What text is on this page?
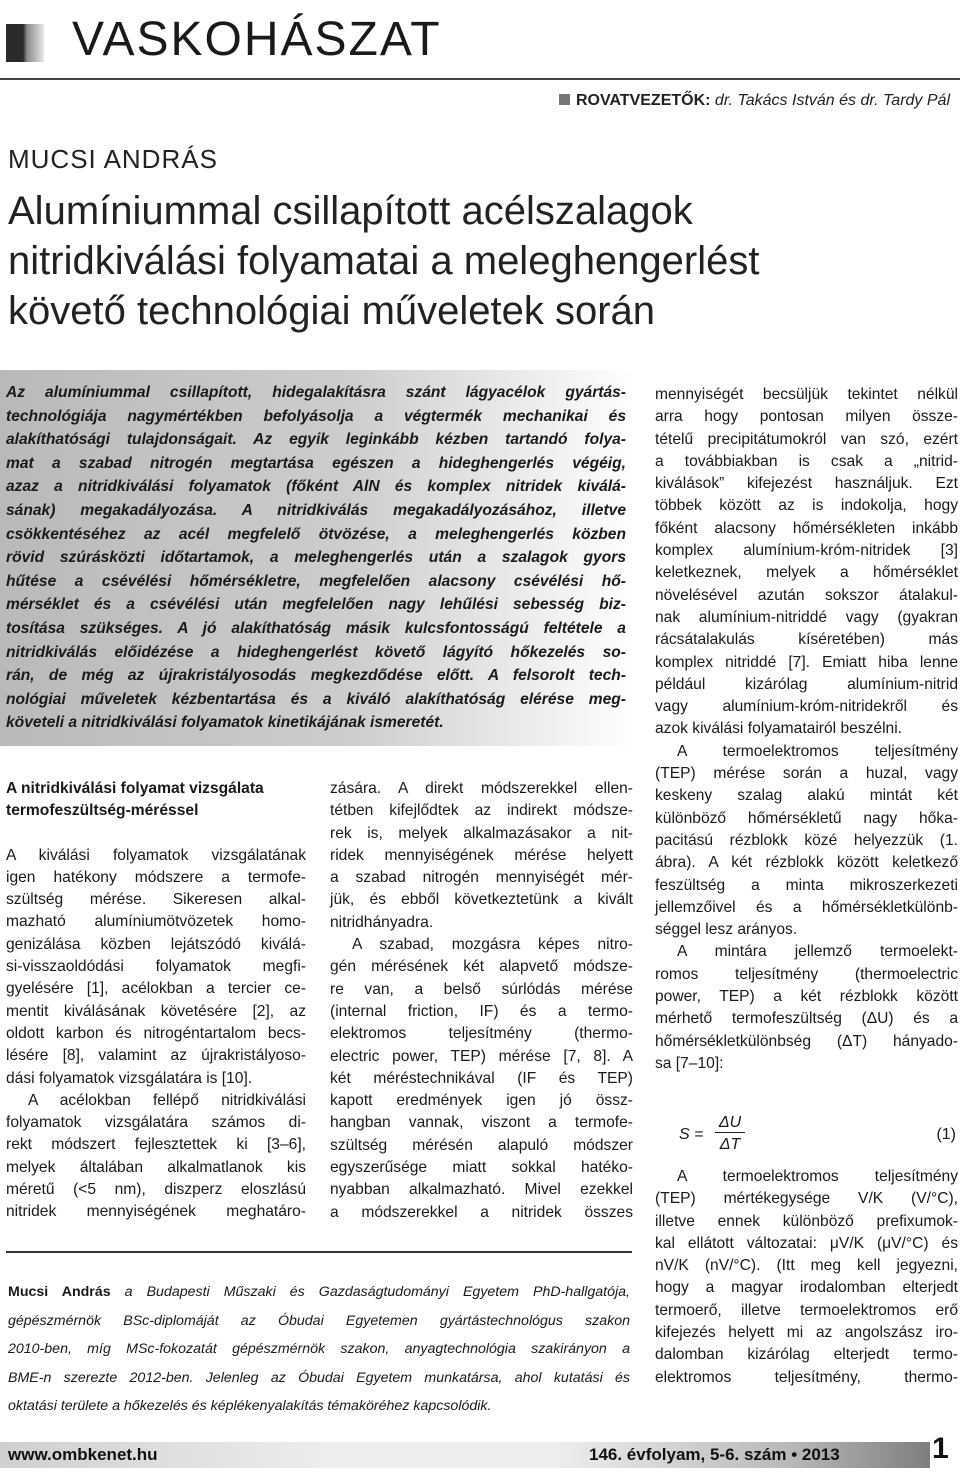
VASKOHÁSZAT
ROVATVEZETŐK: dr. Takács István és dr. Tardy Pál
MUCSI ANDRÁS
Alumíniummal csillapított acélszalagok
nitridkiválási folyamatai a meleghengerlést
követő technológiai műveletek során
Az alumíniummal csillapított, hidegalakításra szánt lágyacélok gyártás-
technológiája nagymértékben befolyásolja a végtermék mechanikai és
alakíthatósági tulajdonságait. Az egyik leginkább kézben tartandó folya-
mat a szabad nitrogén megtartása egészen a hideghengerlés végéig,
azaz a nitridkiválási folyamatok (főként AlN és komplex nitridek kiválá-
sának) megakadályozása. A nitridkiválás megakadályozásához, illetve
csökkentéséhez az acél megfelelő ötvözése, a meleghengerlés közben
rövid szúrásközti időtartamok, a meleghengerlés után a szalagok gyors
hűtése a csévélési hőmérsékletre, megfelelően alacsony csévélési hő-
mérséklet és a csévélési után megfelelően nagy lehűlési sebesség biz-
tosítása szükséges. A jó alakíthatóság másik kulcsfontosságú feltétele a
nitridkiválás előidézése a hideghengerlést követő lágyító hőkezelés so-
rán, de még az újrakristályosodás megkezdődése előtt. A felsorolt tech-
nológiai műveletek kézbentartása és a kiváló alakíthatóság elérése meg-
követeli a nitridkiválási folyamatok kinetikájának ismeretét.
A nitridkiválási folyamat vizsgálata
termofeszültség-méréssel
A kiválási folyamatok vizsgálatának
igen hatékony módszere a termofe-
szültség mérése. Sikeresen alkal-
mazható alumíniumötvözetek homo-
genizálása közben lejátszódó kiválá-
si-visszaoldódási folyamatok megfi-
gyelésére [1], acélokban a tercier ce-
mentit kiválásának követésére [2], az
oldott karbon és nitrogéntartalom becs-
lésére [8], valamint az újrakristályoso-
dási folyamatok vizsgálatára is [10].
A acélokban fellépő nitridkiválási
folyamatok vizsgálatára számos di-
rekt módszert fejlesztettek ki [3–6],
melyek általában alkalmatlanok kis
méretű (<5 nm), diszperz eloszlású
nitridek mennyiségének meghatáro-
zására. A direkt módszerekkel ellen-
tétben kifejlődtek az indirekt módsze-
rek is, melyek alkalmazásakor a nit-
ridek mennyiségének mérése helyett
a szabad nitrogén mennyiségét mér-
jük, és ebből következtetünk a kivált
nitridhányadra.
A szabad, mozgásra képes nitro-
gén mérésének két alapvető módsze-
re van, a belső súrlódás mérése
(internal friction, IF) és a termo-
elektromos teljesítmény (thermo-
electric power, TEP) mérése [7, 8]. A
két méréstechnikával (IF és TEP)
kapott eredmények igen jó össz-
hangban vannak, viszont a termofe-
szültség mérésén alapuló módszer
egyszerűsége miatt sokkal hatéko-
nyabban alkalmazható. Mivel ezekkel
a módszerekkel a nitridek összes
mennyiségét becsüljük tekintet nélkül
arra hogy pontosan milyen össze-
tételű precipitátumokról van szó, ezért
a továbbiakban is csak a „nitrid-
kiválások” kifejezést használjuk. Ezt
többek között az is indokolja, hogy
főként alacsony hőmérsékleten inkább
komplex alumínium-króm-nitridek [3]
keletkeznek, melyek a hőmérséklet
növelésével azután sokszor átalakul-
nak alumínium-nitriddé vagy (gyakran
rácsátalakulás kíséretében) más
komplex nitriddé [7]. Emiatt hiba lenne
például kizárólag alumínium-nitrid
vagy alumínium-króm-nitridekről és
azok kiválási folyamatairól beszélni.
A termoelektromos teljesítmény
(TEP) mérése során a huzal, vagy
keskeny szalag alakú mintát két
különböző hőmérsékletű nagy hőka-
pacitású rézblokk közé helyezzük (1.
ábra). A két rézblokk között keletkező
feszültség a minta mikroszerkezeti
jellemzőivel és a hőmérsékletkülönb-
séggel lesz arányos.
A mintára jellemző termoelekt-
romos teljesítmény (thermoelectric
power, TEP) a két rézblokk között
mérhető termofeszültség (ΔU) és a
hőmérsékletkülönbség (ΔT) hányado-
sa [7–10]:
S =
ΔU
ΔT
(1)
A termoelektromos teljesítmény
(TEP) mértékegysége V/K (V/°C),
illetve ennek különböző prefixumok-
kal ellátott változatai: μV/K (μV/°C) és
nV/K (nV/°C). (Itt meg kell jegyezni,
hogy a magyar irodalomban elterjedt
termoerő, illetve termoelektromos erő
kifejezés helyett mi az angolszász iro-
dalomban kizárólag elterjedt termo-
elektromos teljesítmény, thermo-
Mucsi András a Budapesti Műszaki és Gazdaságtudományi Egyetem PhD-hallgatója,
gépészmérnök BSc-diplomáját az Óbudai Egyetemen gyártástechnológus szakon
2010-ben, míg MSc-fokozatát gépészmérnök szakon, anyagtechnológia szakirányon a
BME-n szerezte 2012-ben. Jelenleg az Óbudai Egyetem munkatársa, ahol kutatási és
oktatási területe a hőkezelés és képlékenyalakítás témaköréhez kapcsolódik.
www.ombkenet.hu	146. évfolyam, 5-6. szám • 2013	1
